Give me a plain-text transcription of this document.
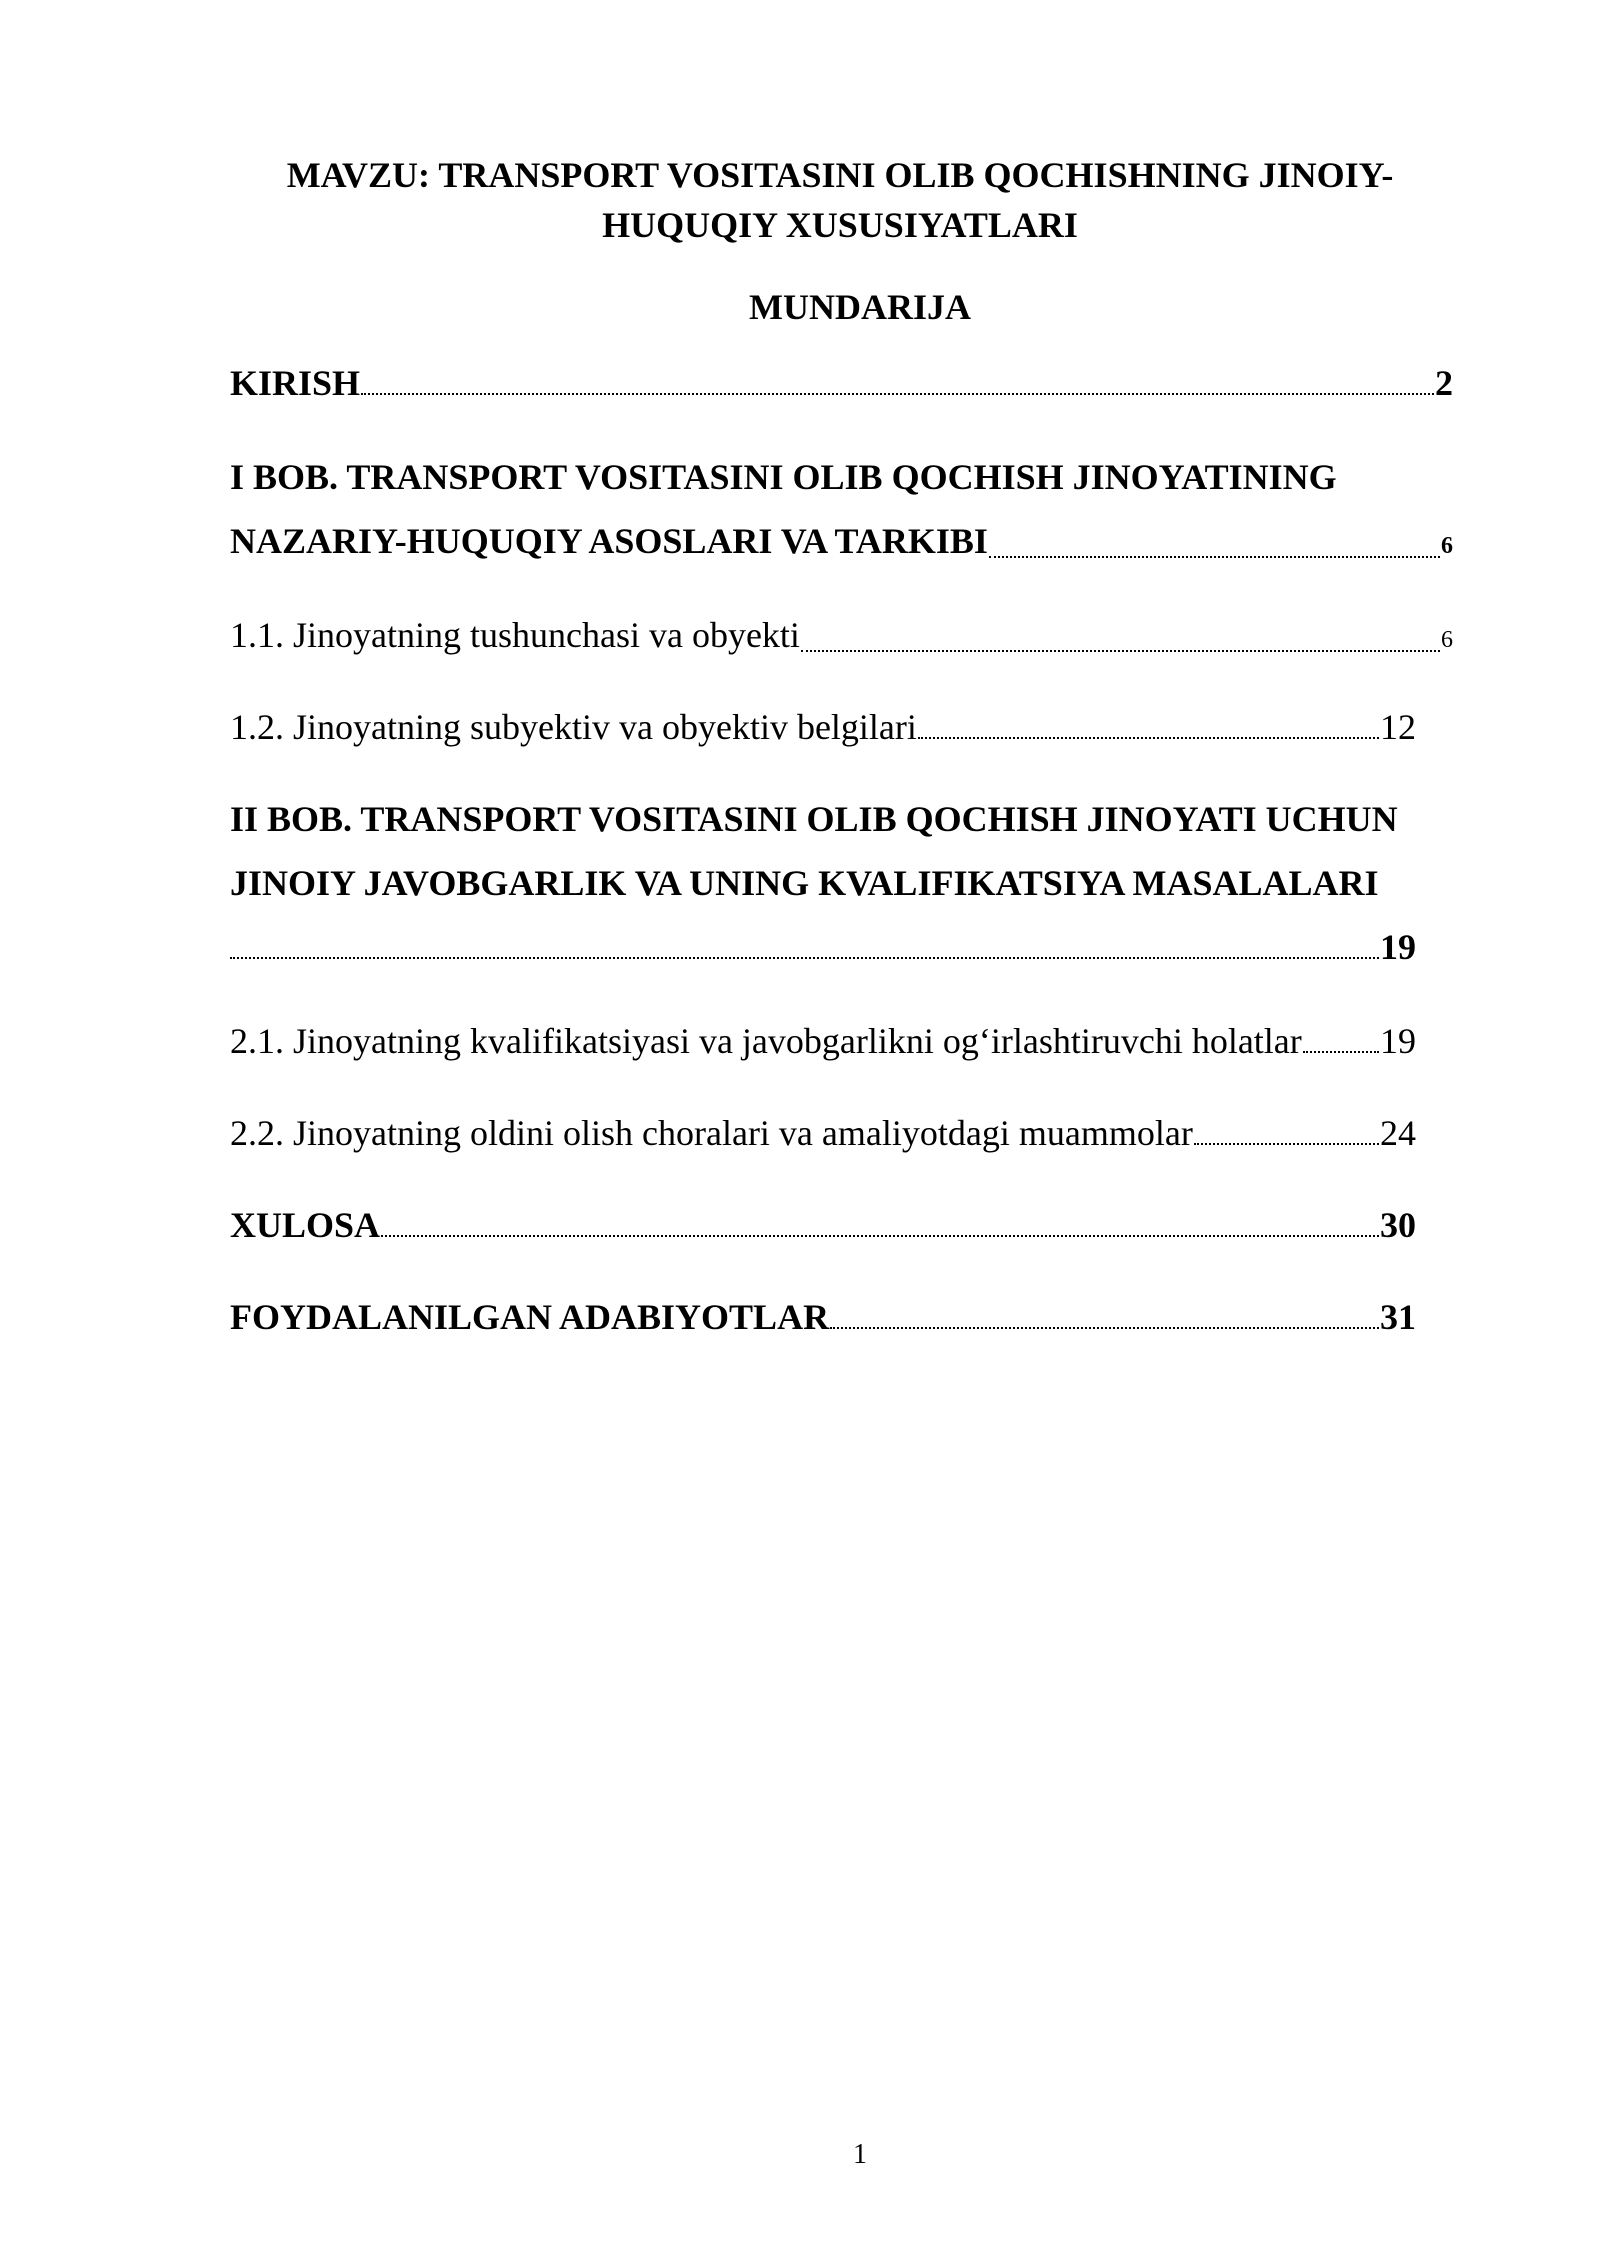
MAVZU: TRANSPORT VOSITASINI OLIB QOCHISHNING JINOIY-
HUQUQIY XUSUSIYATLARI
MUNDARIJA
KIRISH	2
I BOB. TRANSPORT VOSITASINI OLIB QOCHISH JINOYATINING
NAZARIY-HUQUQIY ASOSLARI VA TARKIBI	6
1.1. Jinoyatning tushunchasi va obyekti	6
1.2. Jinoyatning subyektiv va obyektiv belgilari	12
II BOB. TRANSPORT VOSITASINI OLIB QOCHISH JINOYATI UCHUN
JINOIY JAVOBGARLIK VA UNING KVALIFIKATSIYA MASALALARI
19
2.1. Jinoyatning kvalifikatsiyasi va javobgarlikni og‘irlashtiruvchi holatlar 19
2.2. Jinoyatning oldini olish choralari va amaliyotdagi muammolar	24
XULOSA	30
FOYDALANILGAN ADABIYOTLAR	31
1
